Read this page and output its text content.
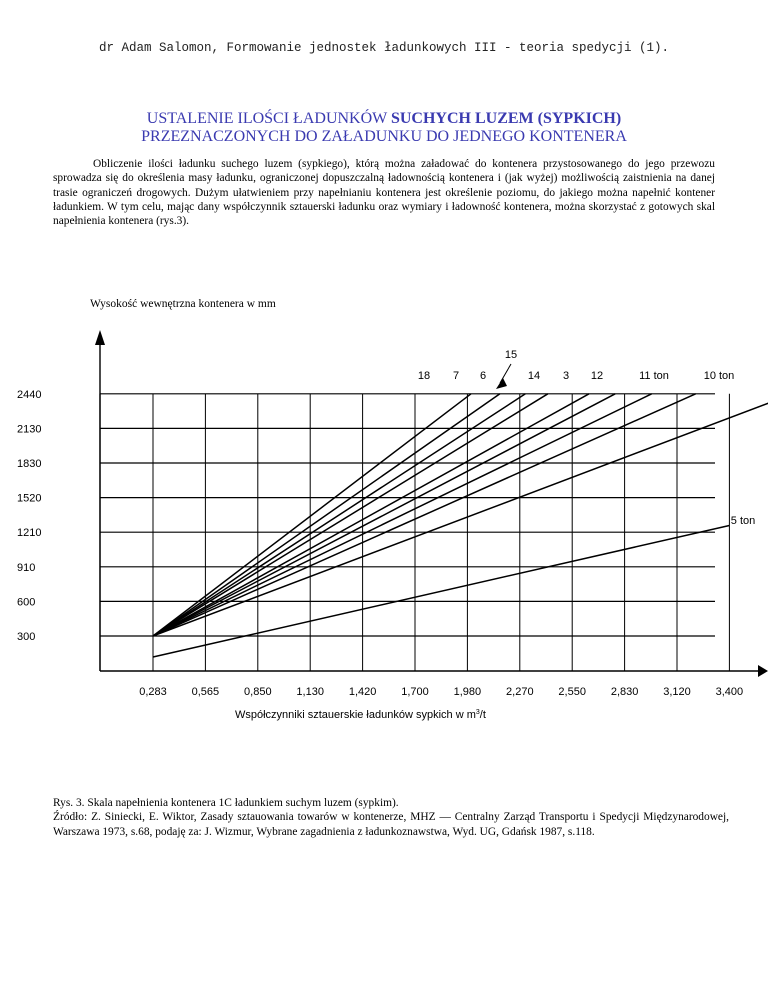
dr Adam Salomon, Formowanie jednostek ładunkowych III - teoria spedycji (1).
USTALENIE ILOŚCI ŁADUNKÓW SUCHYCH LUZEM (SYPKICH)
PRZEZNACZONYCH DO ZAŁADUNKU DO JEDNEGO KONTENERA
Obliczenie ilości ładunku suchego luzem (sypkiego), którą można załadować do kontenera przystosowanego do jego przewozu sprowadza się do określenia masy ładunku, ograniczonej dopuszczalną ładownością kontenera i (jak wyżej) możliwością zaistnienia na danej trasie ograniczeń drogowych. Dużym ułatwieniem przy napełnianiu kontenera jest określenie poziomu, do jakiego można napełnić kontener ładunkiem. W tym celu, mając dany współczynnik sztauerski ładunku oraz wymiary i ładowność kontenera, można skorzystać z gotowych skal napełnienia kontenera (rys.3).
Wysokość wewnętrzna kontenera w mm
300
600
910
1210
1520
1830
2130
2440
0,283 0,565 0,850 1,130 1,420 1,700 1,980 2,270 2,550 2,830 3,120 3,400
Współczynniki sztauerskie ładunków sypkich w $m^3/t$
18 7 6	14 3 12	11 ton	10 ton
5 ton
15

Rys. 3. Skala napełnienia kontenera 1C ładunkiem suchym luzem (sypkim).

Źródło: Z. Siniecki, E. Wiktor, Zasady sztauowania towarów w kontenerze, MHZ — Centralny Zarząd Transportu i Spedycji Międzynarodowej, Warszawa 1973, s.68, podaję za: J. Wizmur, Wybrane zagadnienia z ładunkoznawstwa, Wyd. UG, Gdańsk 1987, s.118.
